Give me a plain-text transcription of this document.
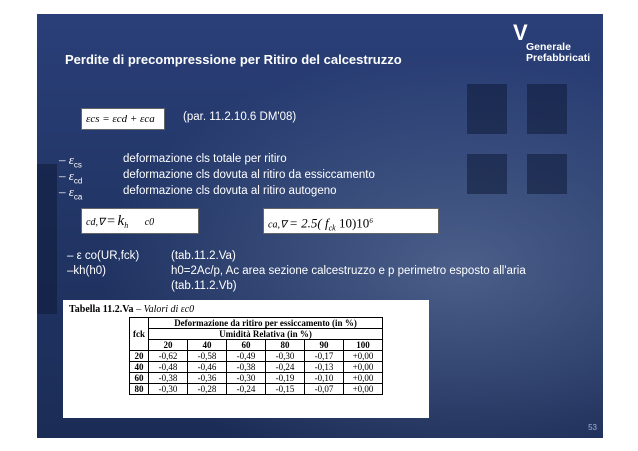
Perdite di precompressione per Ritiro del calcestruzzo
V
Generale
Prefabbricati
εcs = εcd + εca	(par. 11.2.10.6 DM'08)
– $\varepsilon_{cs}$	deformazione cls totale per ritiro
– $\varepsilon_{cd}$	deformazione cls dovuta al ritiro da essiccamento
– $\varepsilon_{ca}$	deformazione cls dovuta al ritiro autogeno
$cd,\nabla = k_h$ c0	ca,∇ = 2.5( $f_{ck}$ $10)10^6$
– ε co(UR,fck)	(tab.11.2.Va)
–kh(h0)	h0=2Ac/p, Ac area sezione calcestruzzo e p perimetro esposto all'aria
(tab.11.2.Vb)
Tabella 11.2.Va – Valori di εc0
fck	Deformazione da ritiro per essiccamento (in %)					
	Umidità Relativa (in %)					
	20	40	60	80	90	100
20	-0,62	-0,58	-0,49	-0,30	-0,17	+0,00
40	-0,48	-0,46	-0,38	-0,24	-0,13	+0,00
60	-0,38	-0,36	-0,30	-0,19	-0,10	+0,00
80	-0,30	-0,28	-0,24	-0,15	-0,07	+0,00
53
